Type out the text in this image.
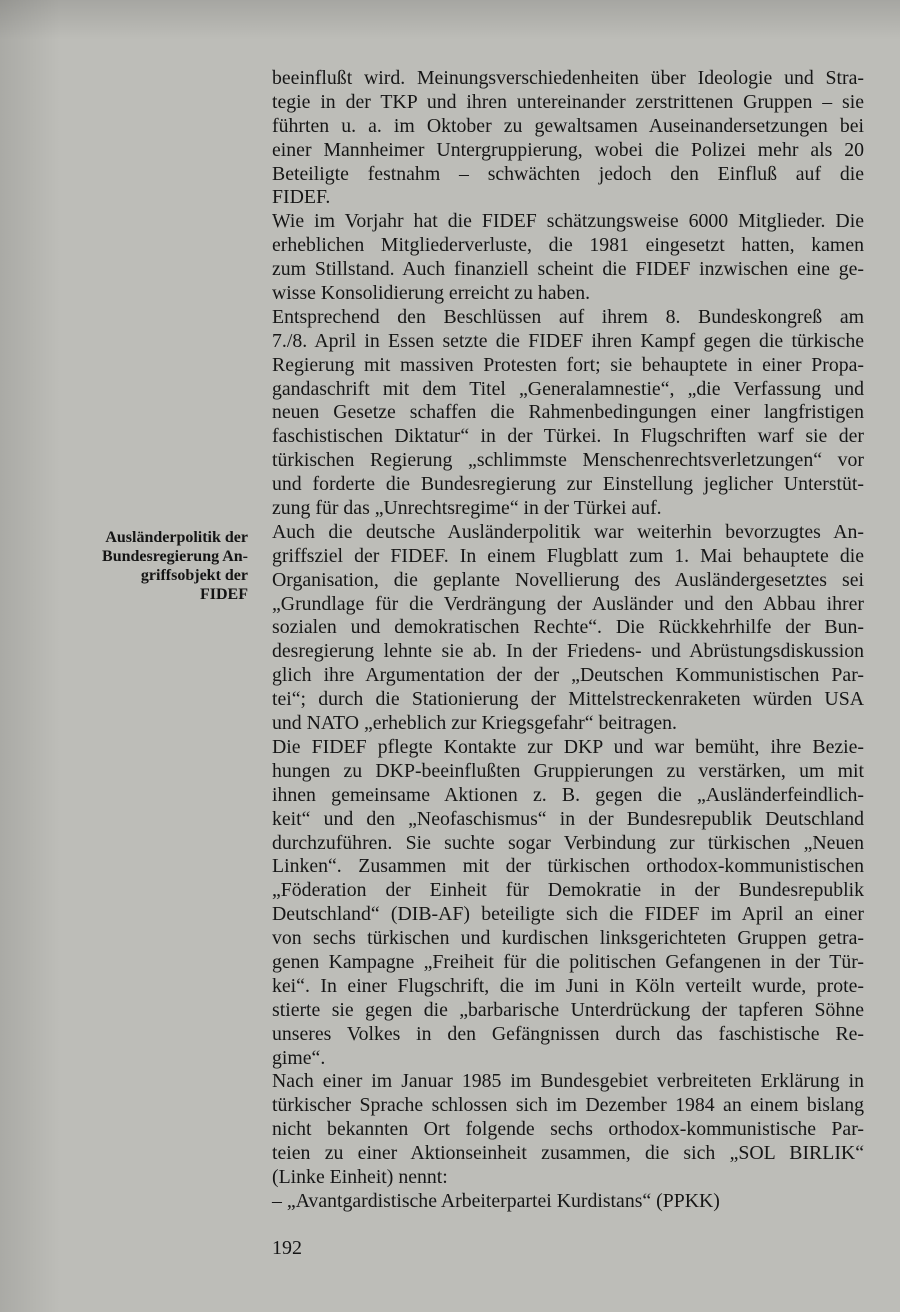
Ausländerpolitik der
Bundesregierung An-
griffsobjekt der
FIDEF
beeinflußt wird. Meinungsverschiedenheiten über Ideologie und Stra-
tegie in der TKP und ihren untereinander zerstrittenen Gruppen – sie
führten u. a. im Oktober zu gewaltsamen Auseinandersetzungen bei
einer Mannheimer Untergruppierung, wobei die Polizei mehr als 20
Beteiligte festnahm – schwächten jedoch den Einfluß auf die
FIDEF.
Wie im Vorjahr hat die FIDEF schätzungsweise 6000 Mitglieder. Die
erheblichen Mitgliederverluste, die 1981 eingesetzt hatten, kamen
zum Stillstand. Auch finanziell scheint die FIDEF inzwischen eine ge-
wisse Konsolidierung erreicht zu haben.
Entsprechend den Beschlüssen auf ihrem 8. Bundeskongreß am
7./8. April in Essen setzte die FIDEF ihren Kampf gegen die türkische
Regierung mit massiven Protesten fort; sie behauptete in einer Propa-
gandaschrift mit dem Titel „Generalamnestie“, „die Verfassung und
neuen Gesetze schaffen die Rahmenbedingungen einer langfristigen
faschistischen Diktatur“ in der Türkei. In Flugschriften warf sie der
türkischen Regierung „schlimmste Menschenrechtsverletzungen“ vor
und forderte die Bundesregierung zur Einstellung jeglicher Unterstüt-
zung für das „Unrechtsregime“ in der Türkei auf.
Auch die deutsche Ausländerpolitik war weiterhin bevorzugtes An-
griffsziel der FIDEF. In einem Flugblatt zum 1. Mai behauptete die
Organisation, die geplante Novellierung des Ausländergesetztes sei
„Grundlage für die Verdrängung der Ausländer und den Abbau ihrer
sozialen und demokratischen Rechte“. Die Rückkehrhilfe der Bun-
desregierung lehnte sie ab. In der Friedens- und Abrüstungsdiskussion
glich ihre Argumentation der der „Deutschen Kommunistischen Par-
tei“; durch die Stationierung der Mittelstreckenraketen würden USA
und NATO „erheblich zur Kriegsgefahr“ beitragen.
Die FIDEF pflegte Kontakte zur DKP und war bemüht, ihre Bezie-
hungen zu DKP-beeinflußten Gruppierungen zu verstärken, um mit
ihnen gemeinsame Aktionen z. B. gegen die „Ausländerfeindlich-
keit“ und den „Neofaschismus“ in der Bundesrepublik Deutschland
durchzuführen. Sie suchte sogar Verbindung zur türkischen „Neuen
Linken“. Zusammen mit der türkischen orthodox-kommunistischen
„Föderation der Einheit für Demokratie in der Bundesrepublik
Deutschland“ (DIB-AF) beteiligte sich die FIDEF im April an einer
von sechs türkischen und kurdischen linksgerichteten Gruppen getra-
genen Kampagne „Freiheit für die politischen Gefangenen in der Tür-
kei“. In einer Flugschrift, die im Juni in Köln verteilt wurde, prote-
stierte sie gegen die „barbarische Unterdrückung der tapferen Söhne
unseres Volkes in den Gefängnissen durch das faschistische Re-
gime“.
Nach einer im Januar 1985 im Bundesgebiet verbreiteten Erklärung in
türkischer Sprache schlossen sich im Dezember 1984 an einem bislang
nicht bekannten Ort folgende sechs orthodox-kommunistische Par-
teien zu einer Aktionseinheit zusammen, die sich „SOL BIRLIK“
(Linke Einheit) nennt:
– „Avantgardistische Arbeiterpartei Kurdistans“ (PPKK)
192
